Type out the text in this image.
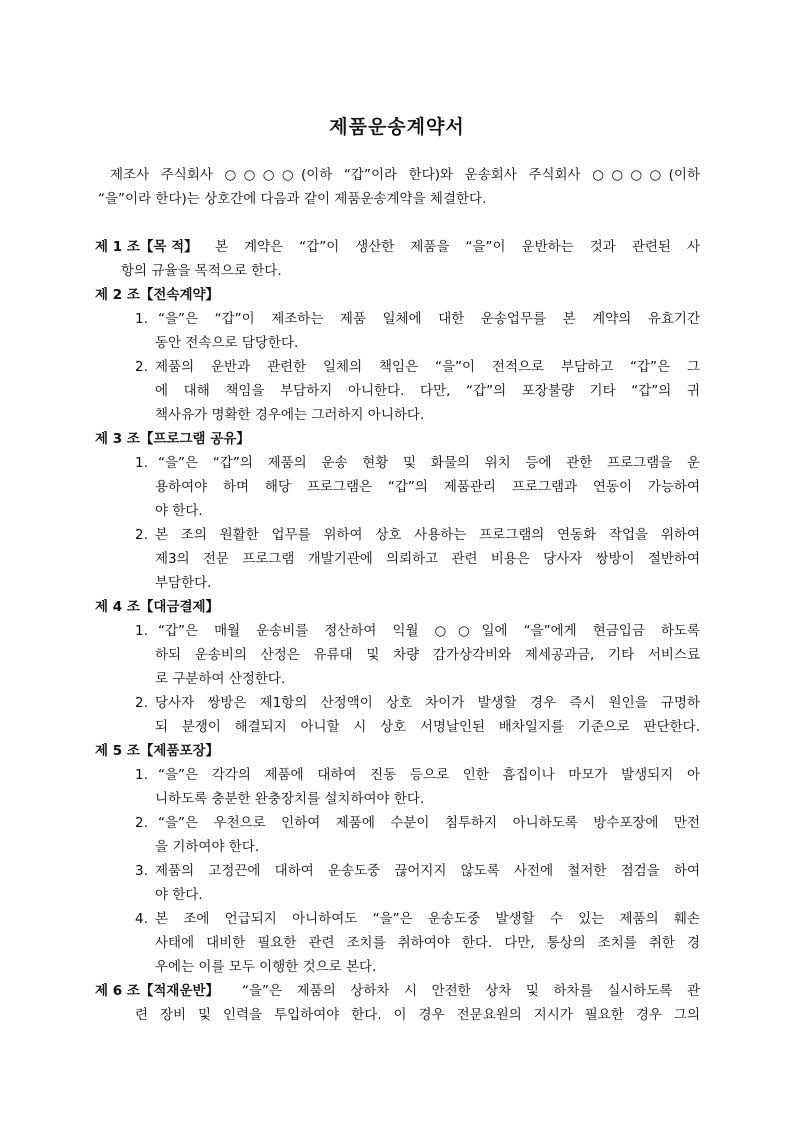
제품운송계약서
제조사 주식회사 ○○○○(이하 “갑”이라 한다)와 운송회사 주식회사 ○○○○(이하
“을”이라 한다)는 상호간에 다음과 같이 제품운송계약을 체결한다.
제 1 조【목 적】 본 계약은 “갑”이 생산한 제품을 “을”이 운반하는 것과 관련된 사
항의 규율을 목적으로 한다.
제 2 조【전속계약】
1. “을”은 “갑”이 제조하는 제품 일체에 대한 운송업무를 본 계약의 유효기간
동안 전속으로 담당한다.
2. 제품의 운반과 관련한 일체의 책임은 “을”이 전적으로 부담하고 “갑”은 그
에 대해 책임을 부담하지 아니한다. 다만, “갑”의 포장불량 기타 “갑”의 귀
책사유가 명확한 경우에는 그러하지 아니하다.
제 3 조【프로그램 공유】
1. “을”은 “갑”의 제품의 운송 현황 및 화물의 위치 등에 관한 프로그램을 운
용하여야 하며 해당 프로그램은 “갑”의 제품관리 프로그램과 연동이 가능하여
야 한다.
2. 본 조의 원활한 업무를 위하여 상호 사용하는 프로그램의 연동화 작업을 위하여
제3의 전문 프로그램 개발기관에 의뢰하고 관련 비용은 당사자 쌍방이 절반하여
부담한다.
제 4 조【대금결제】
1. “갑”은 매월 운송비를 정산하여 익월 ○○일에 “을”에게 현금입금 하도록
하되 운송비의 산정은 유류대 및 차량 감가상각비와 제세공과금, 기타 서비스료
로 구분하여 산정한다.
2. 당사자 쌍방은 제1항의 산정액이 상호 차이가 발생할 경우 즉시 원인을 규명하
되 분쟁이 해결되지 아니할 시 상호 서명날인된 배차일지를 기준으로 판단한다.
제 5 조【제품포장】
1. “을”은 각각의 제품에 대하여 진동 등으로 인한 흠집이나 마모가 발생되지 아
니하도록 충분한 완충장치를 설치하여야 한다.
2. “을”은 우천으로 인하여 제품에 수분이 침투하지 아니하도록 방수포장에 만전
을 기하여야 한다.
3. 제품의 고정끈에 대하여 운송도중 끊어지지 않도록 사전에 철저한 점검을 하여
야 한다.
4. 본 조에 언급되지 아니하여도 “을”은 운송도중 발생할 수 있는 제품의 훼손
사태에 대비한 필요한 관련 조치를 취하여야 한다. 다만, 통상의 조치를 취한 경
우에는 이를 모두 이행한 것으로 본다.
제 6 조【적재운반】 “을”은 제품의 상하차 시 안전한 상차 및 하차를 실시하도록 관
련 장비 및 인력을 투입하여야 한다. 이 경우 전문요원의 지시가 필요한 경우 그의
